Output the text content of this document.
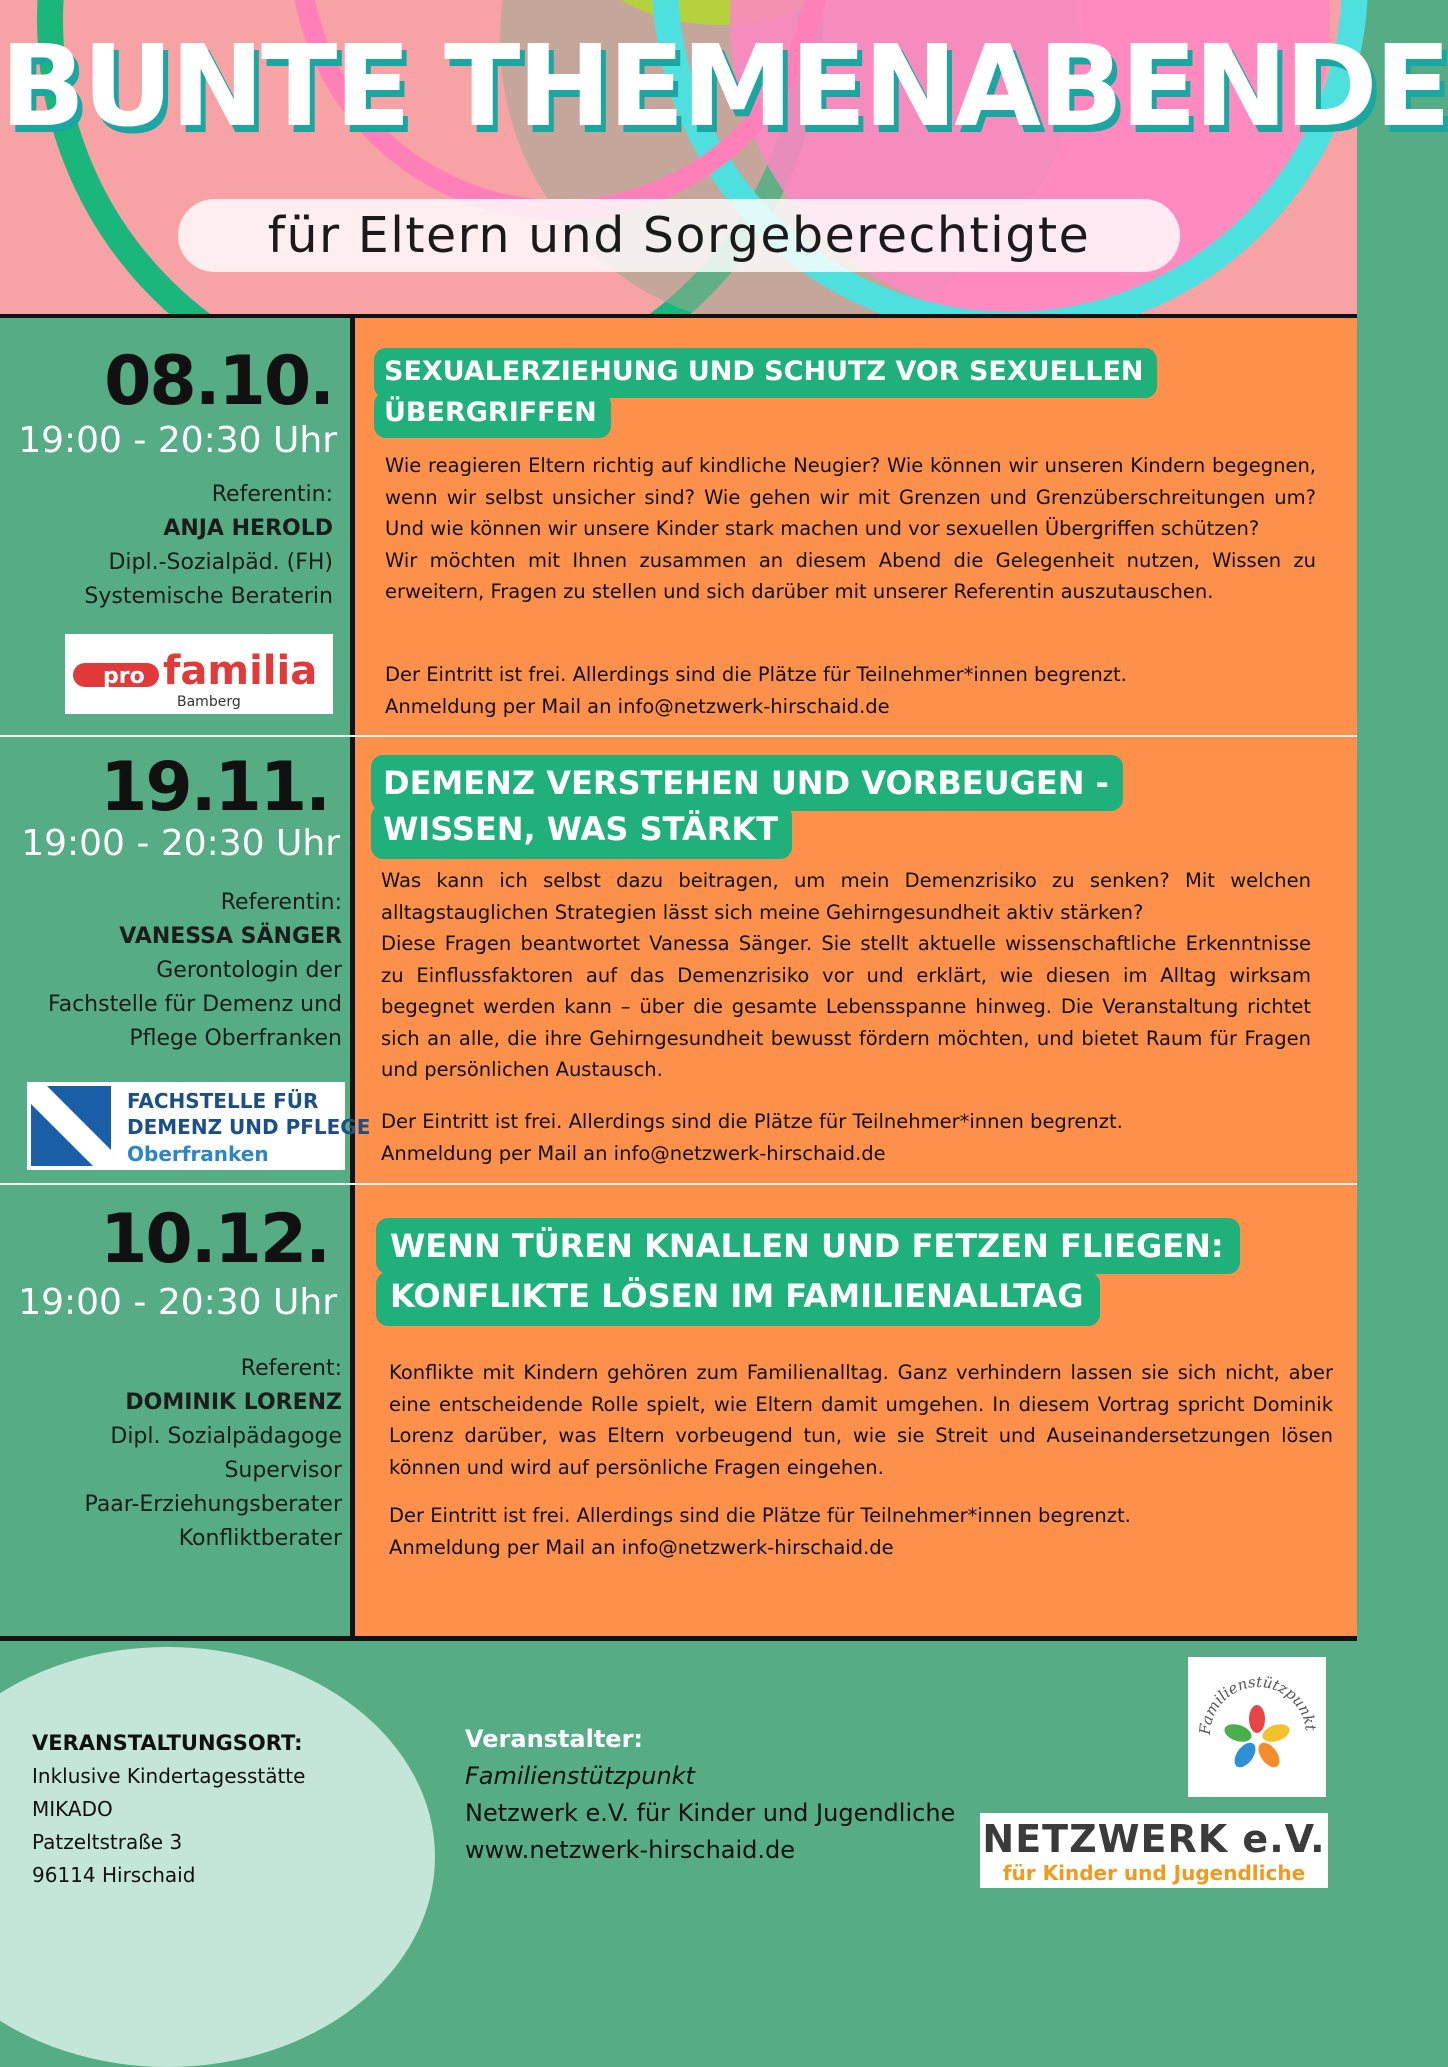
BUNTE THEMENABENDE
für Eltern und Sorgeberechtigte
08.10.
19:00 - 20:30 Uhr
Referentin:
ANJA HEROLD
Dipl.-Sozialpäd. (FH)
Systemische Beraterin
pro familia
Bamberg
SEXUALERZIEHUNG UND SCHUTZ VOR SEXUELLEN
ÜBERGRIFFEN

Wie reagieren Eltern richtig auf kindliche Neugier? Wie können wir unseren Kindern begegnen, wenn wir selbst unsicher sind? Wie gehen wir mit Grenzen und Grenzüberschreitungen um? Und wie können wir unsere Kinder stark machen und vor sexuellen Übergriffen schützen?

Wir möchten mit Ihnen zusammen an diesem Abend die Gelegenheit nutzen, Wissen zu erweitern, Fragen zu stellen und sich darüber mit unserer Referentin auszutauschen.

Der Eintritt ist frei. Allerdings sind die Plätze für Teilnehmer*innen begrenzt.

Anmeldung per Mail an info@netzwerk-hirschaid.de

19.11.
19:00 - 20:30 Uhr
Referentin:
VANESSA SÄNGER
Gerontologin der
Fachstelle für Demenz und
Pflege Oberfranken
FACHSTELLE FÜR
DEMENZ UND PFLEGE
Oberfranken
DEMENZ VERSTEHEN UND VORBEUGEN -
WISSEN, WAS STÄRKT

Was kann ich selbst dazu beitragen, um mein Demenzrisiko zu senken? Mit welchen alltagstauglichen Strategien lässt sich meine Gehirngesundheit aktiv stärken?

Diese Fragen beantwortet Vanessa Sänger. Sie stellt aktuelle wissenschaftliche Erkenntnisse zu Einflussfaktoren auf das Demenzrisiko vor und erklärt, wie diesen im Alltag wirksam begegnet werden kann – über die gesamte Lebensspanne hinweg. Die Veranstaltung richtet sich an alle, die ihre Gehirngesundheit bewusst fördern möchten, und bietet Raum für Fragen und persönlichen Austausch.

Der Eintritt ist frei. Allerdings sind die Plätze für Teilnehmer*innen begrenzt.

Anmeldung per Mail an info@netzwerk-hirschaid.de

10.12.
19:00 - 20:30 Uhr
Referent:
DOMINIK LORENZ
Dipl. Sozialpädagoge
Supervisor
Paar-Erziehungsberater
Konfliktberater
WENN TÜREN KNALLEN UND FETZEN FLIEGEN:
KONFLIKTE LÖSEN IM FAMILIENALLTAG

Konflikte mit Kindern gehören zum Familienalltag. Ganz verhindern lassen sie sich nicht, aber eine entscheidende Rolle spielt, wie Eltern damit umgehen. In diesem Vortrag spricht Dominik Lorenz darüber, was Eltern vorbeugend tun, wie sie Streit und Auseinandersetzungen lösen können und wird auf persönliche Fragen eingehen.

Der Eintritt ist frei. Allerdings sind die Plätze für Teilnehmer*innen begrenzt.

Anmeldung per Mail an info@netzwerk-hirschaid.de

VERANSTALTUNGSORT:
Inklusive Kindertagesstätte
MIKADO
Patzeltstraße 3
96114 Hirschaid
Veranstalter:
Familienstützpunkt
Netzwerk e.V. für Kinder und Jugendliche
www.netzwerk-hirschaid.de
Familienstützpunkt
NETZWERK e.V.
für Kinder und Jugendliche
